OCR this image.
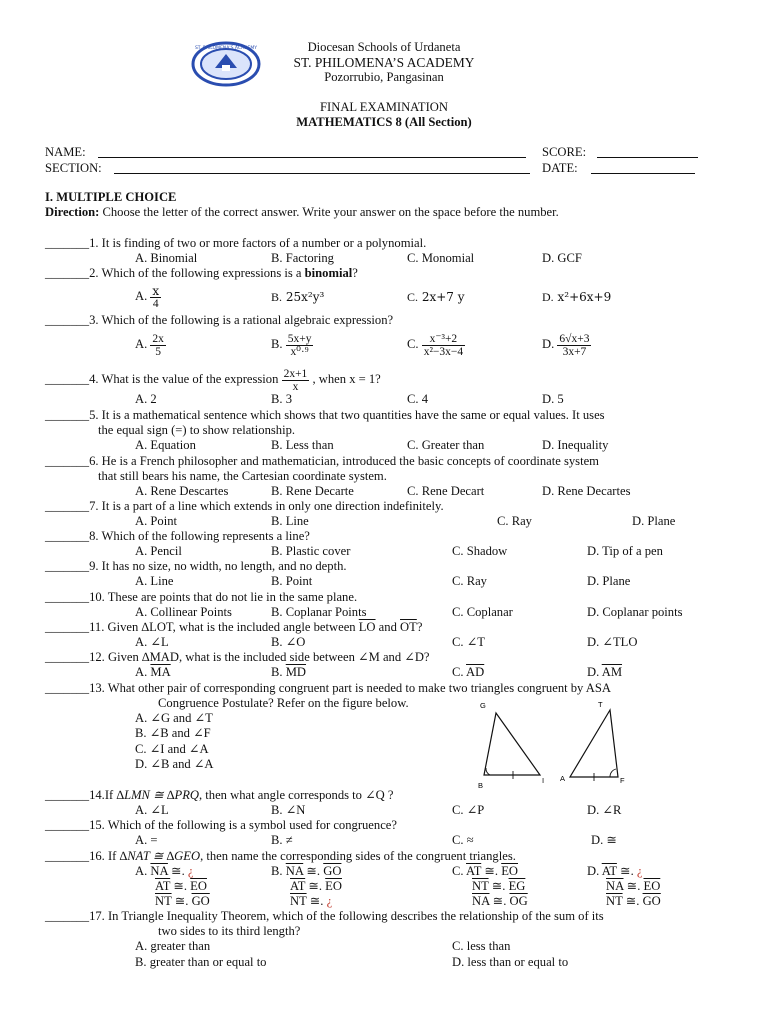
ST. PHILOMENA'S ACADEMY	Diocesan Schools of Urdaneta
ST. PHILOMENA’S ACADEMY
Pozorrubio, Pangasinan
FINAL EXAMINATION
MATHEMATICS 8 (All Section)
NAME:	SCORE:
SECTION:	DATE:
I. MULTIPLE CHOICE
Direction: Choose the letter of the correct answer. Write your answer on the space before the number.
_______1. It is finding of two or more factors of a number or a polynomial.
A. Binomial	B. Factoring	C. Monomial	D. GCF
_______2. Which of the following expressions is a binomial?
A. $\frac{x}{4}$	B. 25x²y³	C. 2x+7 y	D. x²+6x+9
_______3. Which of the following is a rational algebraic expression?
A. $\frac{2x}{5}$	B. $\frac{5x+y}{\text{x⁰·⁹}}$	C. $\frac{\text{x⁻³+2}}{\text{x²−3x−4}}$	D. $\frac{6√x+3}{3x+7}$
_______4. What is the value of the expression $\frac{2x+1}{x}$ , when x = 1?
A. 2	B. 3	C. 4	D. 5
_______5. It is a mathematical sentence which shows that two quantities have the same or equal values. It uses
the equal sign (=) to show relationship.
A. Equation	B. Less than	C. Greater than	D. Inequality
_______6. He is a French philosopher and mathematician, introduced the basic concepts of coordinate system
that still bears his name, the Cartesian coordinate system.
A. Rene Descartes	B. Rene Decarte	C. Rene Decart	D. Rene Decartes
_______7. It is a part of a line which extends in only one direction indefinitely.
A. Point	B. Line	C. Ray	D. Plane
_______8. Which of the following represents a line?
A. Pencil	B. Plastic cover	C. Shadow	D. Tip of a pen
_______9. It has no size, no width, no length, and no depth.
A. Line	B. Point	C. Ray	D. Plane
_______10. These are points that do not lie in the same plane.
A. Collinear Points	B. Coplanar Points	C. Coplanar	D. Coplanar points
_______11. Given ∆LOT, what is the included angle between $\overline{LO}$ and $\overline{OT}$?
A. ∠L	B. ∠O	C. ∠T	D. ∠TLO
_______12. Given ∆MAD, what is the included side between ∠M and ∠D?
A. $\overline{MA}$	B. $\overline{MD}$	C. $\overline{AD}$	D. $\overline{AM}$
_______13. What other pair of corresponding congruent part is needed to make two triangles congruent by ASA
Congruence Postulate? Refer on the figure below.
A. ∠G and ∠T
B. ∠B and ∠F
C. ∠I and ∠A
D. ∠B and ∠A
G
B
I
T
A	F
_______14.If ∆LMN ≅ ∆PRQ, then what angle corresponds to ∠Q ?
A. ∠L	B. ∠N	C. ∠P	D. ∠R
_______15. Which of the following is a symbol used for congruence?
A. =	B. ≠	C. ≈	D. ≅
_______16. If ∆NAT ≅ ∆GEO, then name the corresponding sides of the congruent triangles.
A. $\overline{NA}$ ≅. ¿
$\overline{AT}$ ≅. $\overline{EO}$
$\overline{NT}$ ≅. $\overline{GO}$
B. $\overline{NA}$ ≅. $\overline{GO}$
$\overline{AT}$ ≅. $\overline{EO}$
$\overline{NT}$ ≅. ¿
C. $\overline{AT}$ ≅. $\overline{EO}$
$\overline{NT}$ ≅. $\overline{EG}$
$\overline{NA}$ ≅. $\overline{OG}$
D. $\overline{AT}$ ≅. ¿
$\overline{NA}$ ≅. $\overline{EO}$
$\overline{NT}$ ≅. $\overline{GO}$
_______17. In Triangle Inequality Theorem, which of the following describes the relationship of the sum of its
two sides to its third length?
A. greater than
B. greater than or equal to
C. less than
D. less than or equal to
